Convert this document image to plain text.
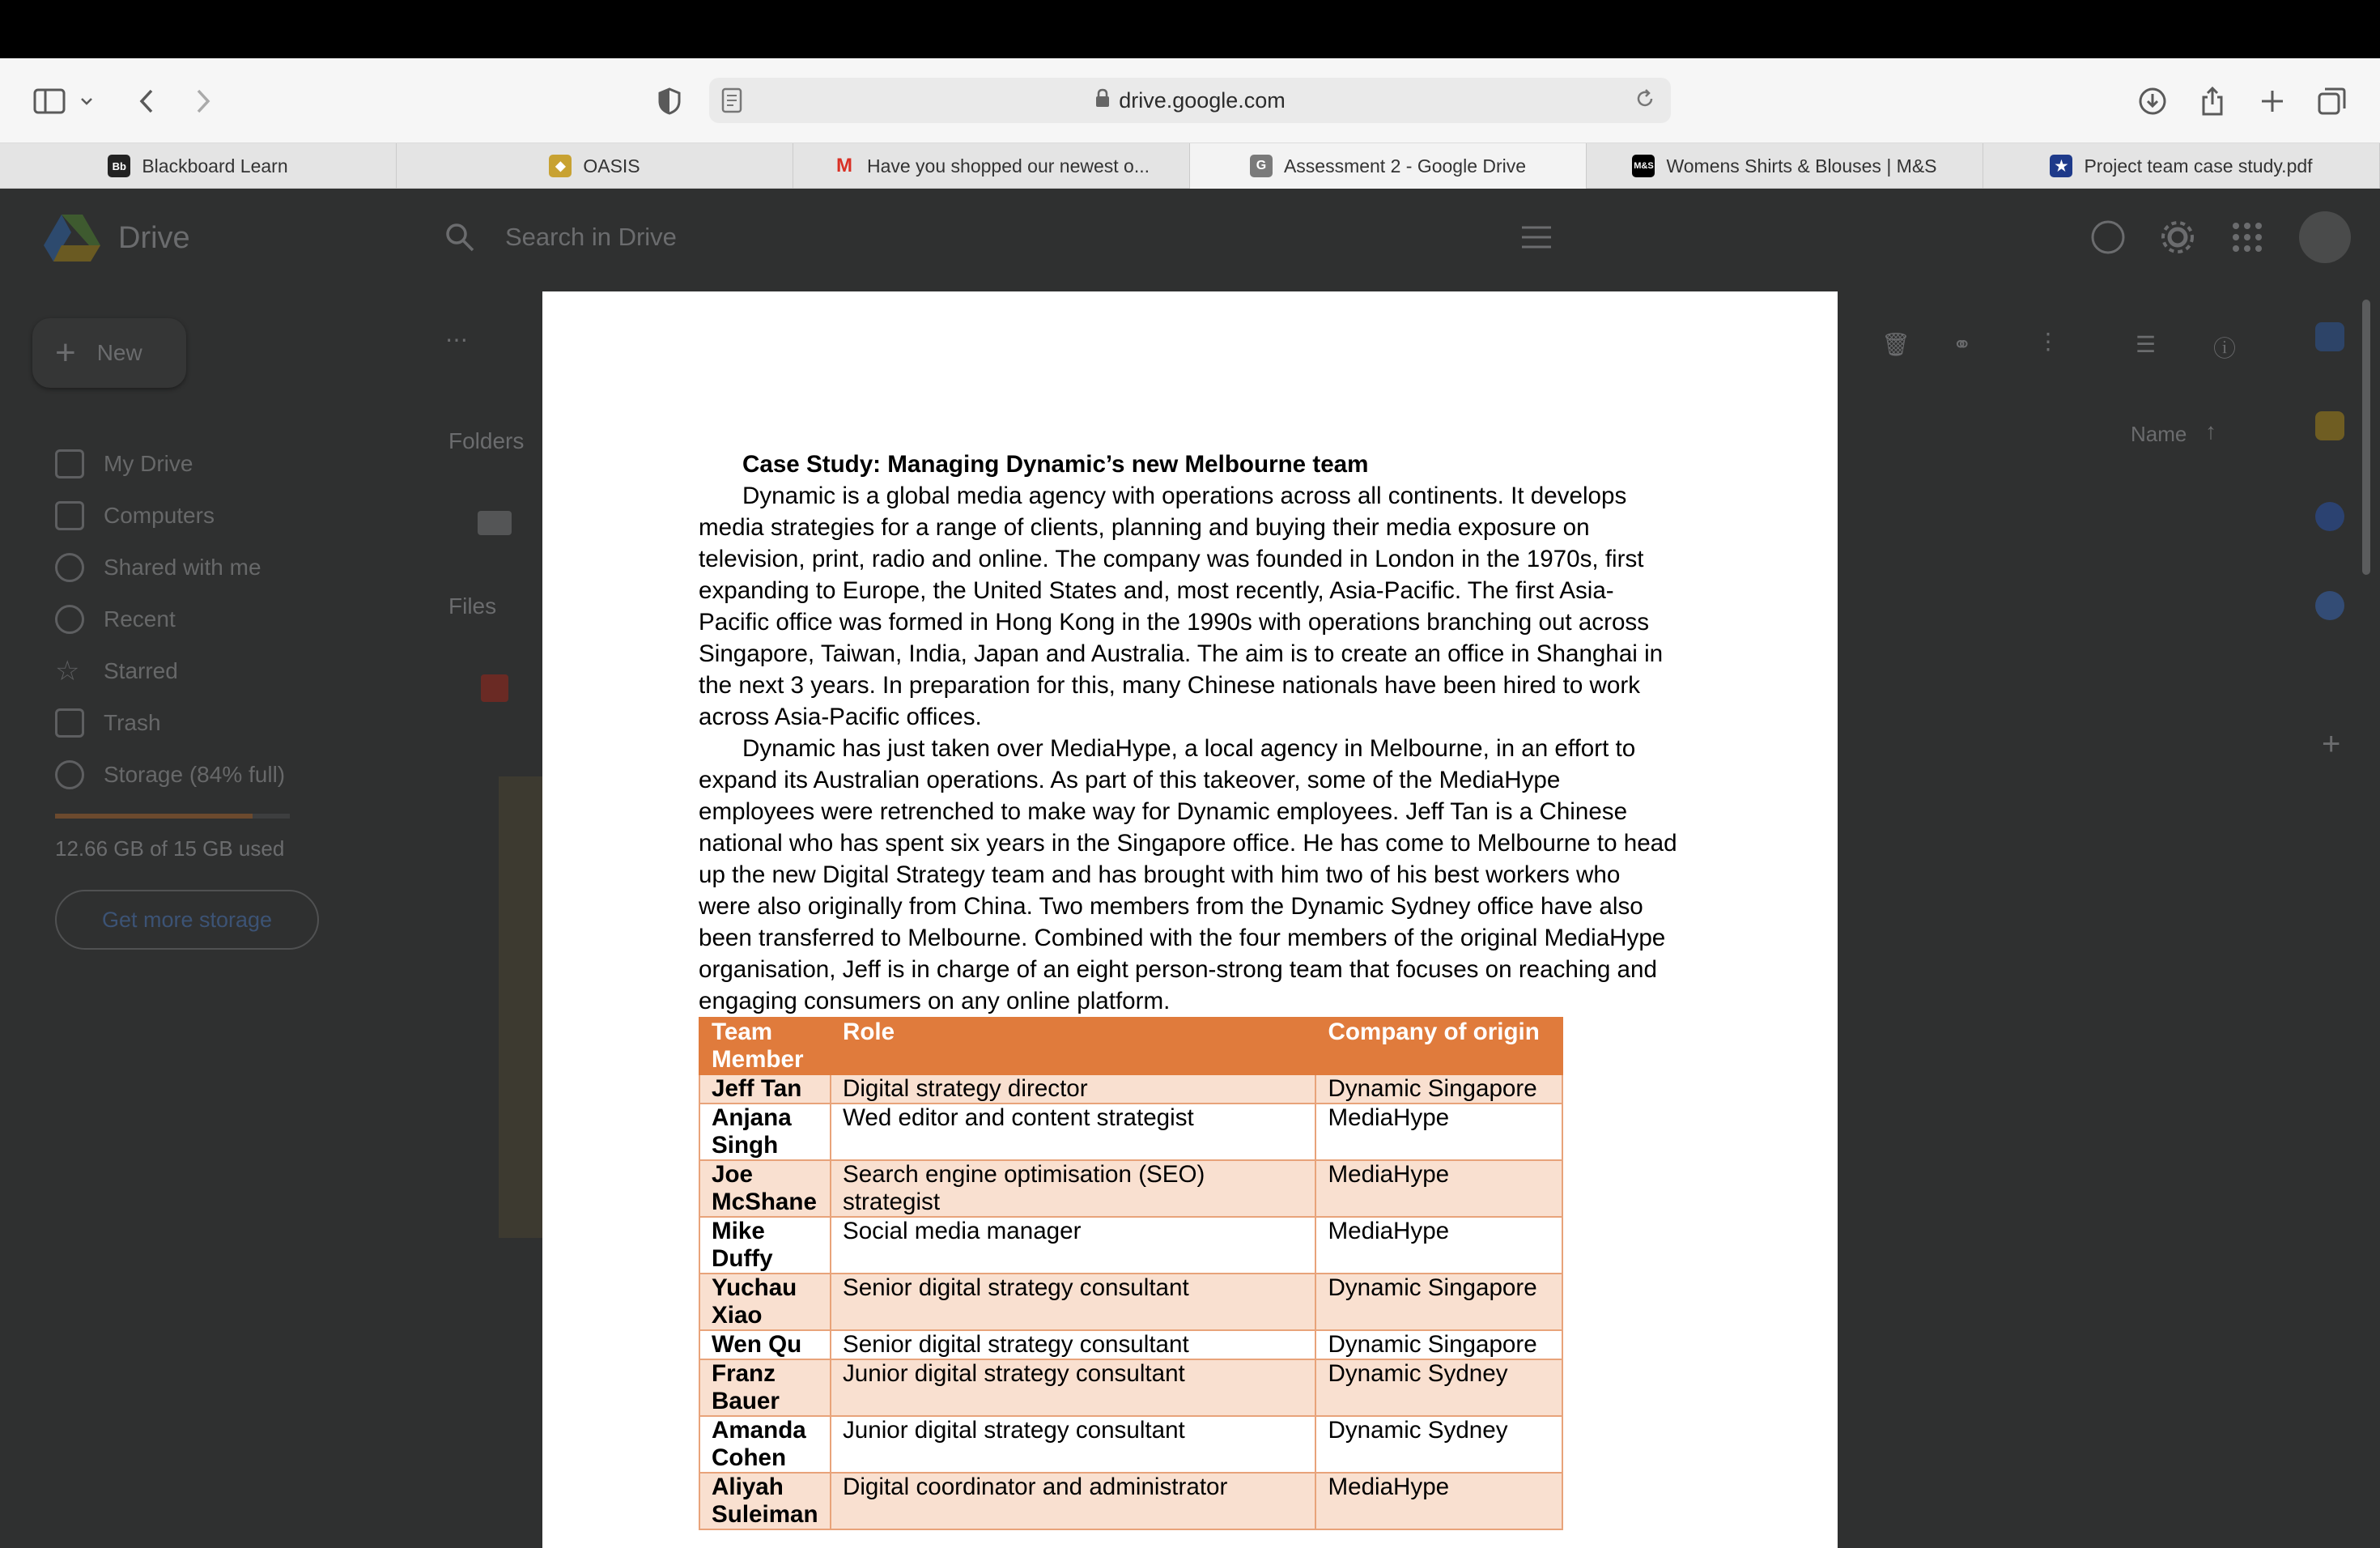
drive.google.com
Bb Blackboard Learn	◆ OASIS	M Have you shopped our newest o...	G Assessment 2 - Google Drive	M&S Womens Shirts & Blouses | M&S	★ Project team case study.pdf
Drive	Search in Drive
+ New
My Drive
Computers
Shared with me
Recent
☆ Starred
Trash
Storage (84% full)
12.66 GB of 15 GB used
Get more storage
Folders
Files
Name ↑
🗑 ⚭	⋮	☰	ⓘ
⋯
+
Case Study: Managing Dynamic’s new Melbourne team

Dynamic is a global media agency with operations across all continents. It develops media strategies for a range of clients, planning and buying their media exposure on television, print, radio and online. The company was founded in London in the 1970s, first expanding to Europe, the United States and, most recently, Asia-Pacific. The first Asia-Pacific office was formed in Hong Kong in the 1990s with operations branching out across Singapore, Taiwan, India, Japan and Australia. The aim is to create an office in Shanghai in the next 3 years. In preparation for this, many Chinese nationals have been hired to work across Asia-Pacific offices.

Dynamic has just taken over MediaHype, a local agency in Melbourne, in an effort to expand its Australian operations. As part of this takeover, some of the MediaHype employees were retrenched to make way for Dynamic employees. Jeff Tan is a Chinese national who has spent six years in the Singapore office. He has come to Melbourne to head up the new Digital Strategy team and has brought with him two of his best workers who were also originally from China. Two members from the Dynamic Sydney office have also been transferred to Melbourne. Combined with the four members of the original MediaHype organisation, Jeff is in charge of an eight person-strong team that focuses on reaching and engaging consumers on any online platform.

Team Member	Role	Company of origin
Jeff Tan	Digital strategy director	Dynamic Singapore
Anjana Singh	Wed editor and content strategist	MediaHype
Joe McShane	Search engine optimisation (SEO) strategist	MediaHype
Mike Duffy	Social media manager	MediaHype
Yuchau Xiao	Senior digital strategy consultant	Dynamic Singapore
Wen Qu	Senior digital strategy consultant	Dynamic Singapore
Franz Bauer	Junior digital strategy consultant	Dynamic Sydney
Amanda Cohen	Junior digital strategy consultant	Dynamic Sydney
Aliyah Suleiman	Digital coordinator and administrator	MediaHype
